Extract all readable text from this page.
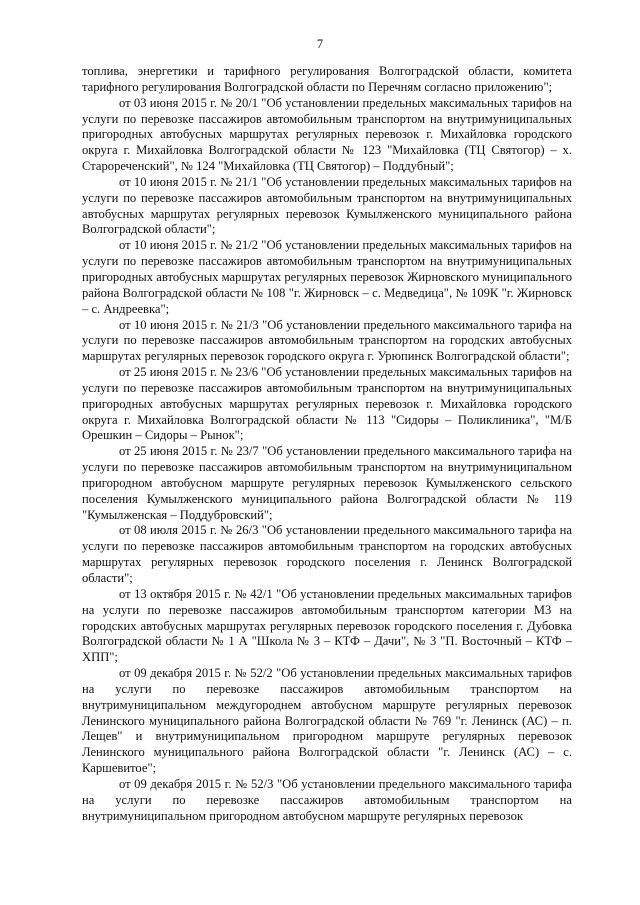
7

топлива, энергетики и тарифного регулирования Волгоградской области, комитета тарифного регулирования Волгоградской области по Перечням согласно приложению";

от 03 июня 2015 г. № 20/1 "Об установлении предельных максимальных тарифов на услуги по перевозке пассажиров автомобильным транспортом на внутримуниципальных пригородных автобусных маршрутах регулярных перевозок г. Михайловка городского округа г. Михайловка Волгоградской области № 123 "Михайловка (ТЦ Святогор) – х. Старореченский", № 124 "Михайловка (ТЦ Святогор) – Поддубный";

от 10 июня 2015 г. № 21/1 "Об установлении предельных максимальных тарифов на услуги по перевозке пассажиров автомобильным транспортом на внутримуниципальных автобусных маршрутах регулярных перевозок Кумылженского муниципального района Волгоградской области";

от 10 июня 2015 г. № 21/2 "Об установлении предельных максимальных тарифов на услуги по перевозке пассажиров автомобильным транспортом на внутримуниципальных пригородных автобусных маршрутах регулярных перевозок Жирновского муниципального района Волгоградской области № 108 "г. Жирновск – с. Медведица", № 109К "г. Жирновск – с. Андреевка";

от 10 июня 2015 г. № 21/3 "Об установлении предельного максимального тарифа на услуги по перевозке пассажиров автомобильным транспортом на городских автобусных маршрутах регулярных перевозок городского округа г. Урюпинск Волгоградской области";

от 25 июня 2015 г. № 23/6 "Об установлении предельных максимальных тарифов на услуги по перевозке пассажиров автомобильным транспортом на внутримуниципальных пригородных автобусных маршрутах регулярных перевозок г. Михайловка городского округа г. Михайловка Волгоградской области № 113 "Сидоры – Поликлиника", "М/Б Орешкин – Сидоры – Рынок";

от 25 июня 2015 г. № 23/7 "Об установлении предельного максимального тарифа на услуги по перевозке пассажиров автомобильным транспортом на внутримуниципальном пригородном автобусном маршруте регулярных перевозок Кумылженского сельского поселения Кумылженского муниципального района Волгоградской области № 119 "Кумылженская – Поддубровский";

от 08 июля 2015 г. № 26/3 "Об установлении предельного максимального тарифа на услуги по перевозке пассажиров автомобильным транспортом на городских автобусных маршрутах регулярных перевозок городского поселения г. Ленинск Волгоградской области";

от 13 октября 2015 г. № 42/1 "Об установлении предельных максимальных тарифов на услуги по перевозке пассажиров автомобильным транспортом категории М3 на городских автобусных маршрутах регулярных перевозок городского поселения г. Дубовка Волгоградской области № 1 А "Школа № 3 – КТФ – Дачи", № 3 "П. Восточный – КТФ – ХПП";

от 09 декабря 2015 г. № 52/2 "Об установлении предельных максимальных тарифов на услуги по перевозке пассажиров автомобильным транспортом на внутримуниципальном междугороднем автобусном маршруте регулярных перевозок Ленинского муниципального района Волгоградской области № 769 "г. Ленинск (АС) – п. Лещев" и внутримуниципальном пригородном маршруте регулярных перевозок Ленинского муниципального района Волгоградской области "г. Ленинск (АС) – с. Каршевитое";

от 09 декабря 2015 г. № 52/3 "Об установлении предельного максимального тарифа на услуги по перевозке пассажиров автомобильным транспортом на внутримуниципальном пригородном автобусном маршруте регулярных перевозок
